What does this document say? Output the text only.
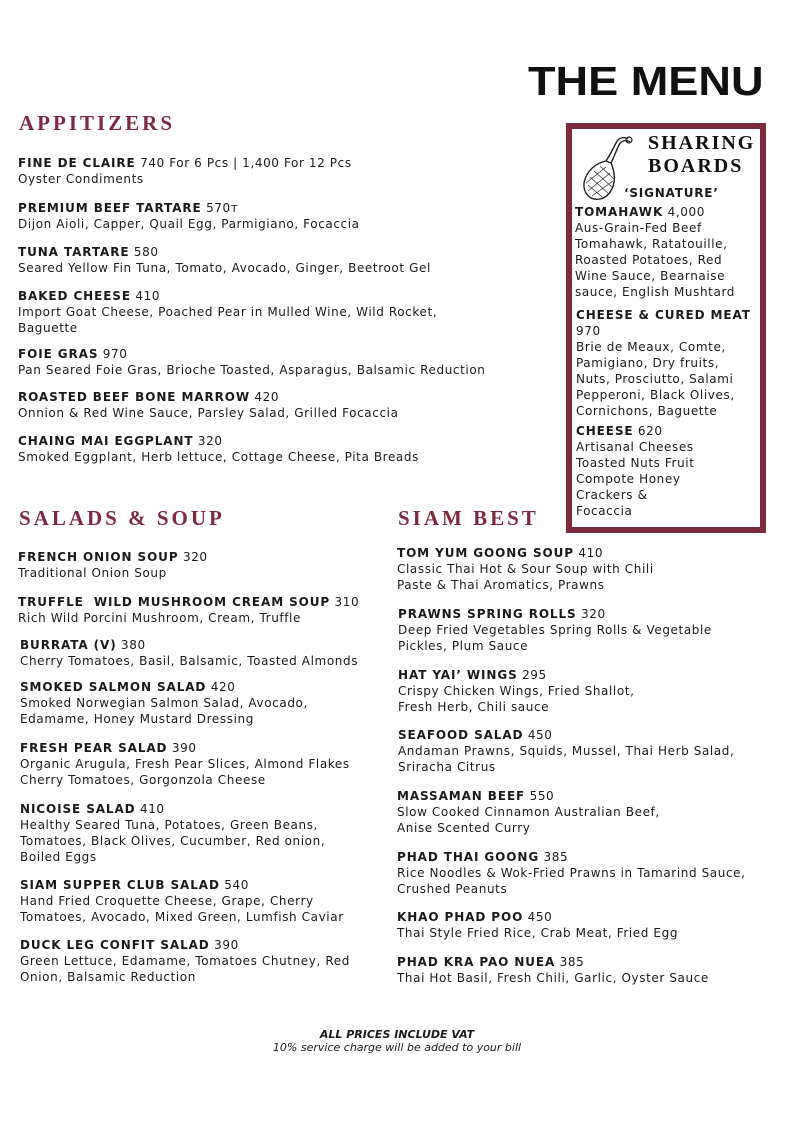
THE MENU
APPITIZERS
FINE DE CLAIRE 740 For 6 Pcs | 1,400 For 12 Pcs
Oyster Condiments
PREMIUM BEEF TARTARE 570т
Dijon Aioli, Capper, Quail Egg, Parmigiano, Focaccia
TUNA TARTARE 580
Seared Yellow Fin Tuna, Tomato, Avocado, Ginger, Beetroot Gel
BAKED CHEESE 410
Import Goat Cheese, Poached Pear in Mulled Wine, Wild Rocket, Baguette
FOIE GRAS 970
Pan Seared Foie Gras, Brioche Toasted, Asparagus, Balsamic Reduction
ROASTED BEEF BONE MARROW 420
Onnion & Red Wine Sauce, Parsley Salad, Grilled Focaccia
CHAING MAI EGGPLANT 320
Smoked Eggplant, Herb lettuce, Cottage Cheese, Pita Breads
SHARING
BOARDS
‘SIGNATURE’
TOMAHAWK 4,000
Aus-Grain-Fed Beef Tomahawk, Ratatouille, Roasted Potatoes, Red Wine Sauce, Bearnaise sauce, English Mushtard
CHEESE & CURED MEAT
970
Brie de Meaux, Comte, Pamigiano, Dry fruits, Nuts, Prosciutto, Salami Pepperoni, Black Olives, Cornichons, Baguette
CHEESE 620
Artisanal Cheeses Toasted Nuts Fruit Compote Honey Crackers & Focaccia
SALADS & SOUP
FRENCH ONION SOUP 320
Traditional Onion Soup
TRUFFLE  WILD MUSHROOM CREAM SOUP 310
Rich Wild Porcini Mushroom, Cream, Truffle
BURRATA (V) 380
Cherry Tomatoes, Basil, Balsamic, Toasted Almonds
SMOKED SALMON SALAD 420
Smoked Norwegian Salmon Salad, Avocado, Edamame, Honey Mustard Dressing
FRESH PEAR SALAD 390
Organic Arugula, Fresh Pear Slices, Almond Flakes Cherry Tomatoes, Gorgonzola Cheese
NICOISE SALAD 410
Healthy Seared Tuna, Potatoes, Green Beans, Tomatoes, Black Olives, Cucumber, Red onion, Boiled Eggs
SIAM SUPPER CLUB SALAD 540
Hand Fried Croquette Cheese, Grape, Cherry Tomatoes, Avocado, Mixed Green, Lumfish Caviar
DUCK LEG CONFIT SALAD 390
Green Lettuce, Edamame, Tomatoes Chutney, Red Onion, Balsamic Reduction
SIAM BEST
TOM YUM GOONG SOUP 410
Classic Thai Hot & Sour Soup with Chili Paste & Thai Aromatics, Prawns
PRAWNS SPRING ROLLS 320
Deep Fried Vegetables Spring Rolls & Vegetable Pickles, Plum Sauce
HAT YAI’ WINGS 295
Crispy Chicken Wings, Fried Shallot, Fresh Herb, Chili sauce
SEAFOOD SALAD 450
Andaman Prawns, Squids, Mussel, Thai Herb Salad, Sriracha Citrus
MASSAMAN BEEF 550
Slow Cooked Cinnamon Australian Beef, Anise Scented Curry
PHAD THAI GOONG 385
Rice Noodles & Wok-Fried Prawns in Tamarind Sauce, Crushed Peanuts
KHAO PHAD POO 450
Thai Style Fried Rice, Crab Meat, Fried Egg
PHAD KRA PAO NUEA 385
Thai Hot Basil, Fresh Chili, Garlic, Oyster Sauce
ALL PRICES INCLUDE VAT
10% service charge will be added to your bill
